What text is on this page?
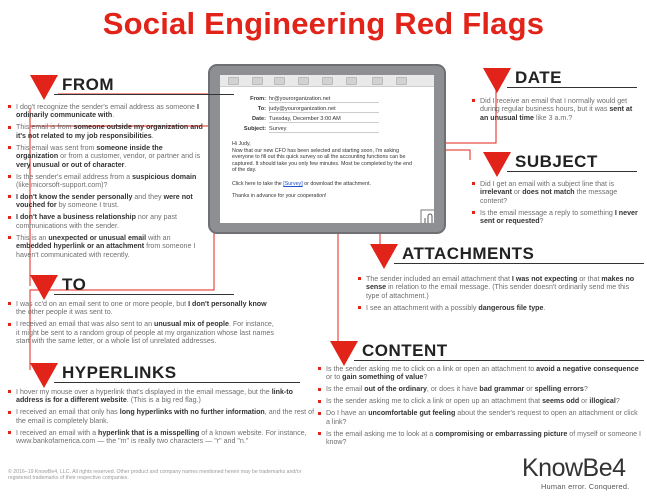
Social Engineering Red Flags
From: hr@yourorganization.net
To: judy@yourorganization.net
Date: Tuesday, December 3:00 AM
Subject: Survey
Hi Judy,
Now that our new CFO has been selected and starting soon, I'm asking everyone to fill out this quick survey so all the accounting functions can be captured. It should take you only few minutes. Most be completed by the end of the day.
Click here to take the [Survey] or download the attachment.
Thanks in advance for your cooperation!
FROM
I don't recognize the sender's email address as someone I ordinarily communicate with.
This email is from someone outside my organization and it's not related to my job responsibilities.
This email was sent from someone inside the organization or from a customer, vendor, or partner and is very unusual or out of character.
Is the sender's email address from a suspicious domain (like micorsoft-support.com)?
I don't know the sender personally and they were not vouched for by someone I trust.
I don't have a business relationship nor any past communications with the sender.
This is an unexpected or unusual email with an embedded hyperlink or an attachment from someone I haven't communicated with recently.
TO
I was cc'd on an email sent to one or more people, but I don't personally know the other people it was sent to.
I received an email that was also sent to an unusual mix of people. For instance, it might be sent to a random group of people at my organization whose last names start with the same letter, or a whole list of unrelated addresses.
HYPERLINKS
I hover my mouse over a hyperlink that's displayed in the email message, but the link-to address is for a different website. (This is a big red flag.)
I received an email that only has long hyperlinks with no further information, and the rest of the email is completely blank.
I received an email with a hyperlink that is a misspelling of a known website. For instance, www.bankofarnerica.com — the "m" is really two characters — "r" and "n."
DATE
Did I receive an email that I normally would get during regular business hours, but it was sent at an unusual time like 3 a.m.?
SUBJECT
Did I get an email with a subject line that is irrelevant or does not match the message content?
Is the email message a reply to something I never sent or requested?
ATTACHMENTS
The sender included an email attachment that I was not expecting or that makes no sense in relation to the email message. (This sender doesn't ordinarily send me this type of attachment.)
I see an attachment with a possibly dangerous file type.
CONTENT
Is the sender asking me to click on a link or open an attachment to avoid a negative consequence or to gain something of value?
Is the email out of the ordinary, or does it have bad grammar or spelling errors?
Is the sender asking me to click a link or open up an attachment that seems odd or illogical?
Do I have an uncomfortable gut feeling about the sender's request to open an attachment or click a link?
Is the email asking me to look at a compromising or embarrassing picture of myself or someone I know?
© 2016–19 KnowBe4, LLC. All rights reserved. Other product and company names mentioned herein may be trademarks and/or registered trademarks of their respective companies.	KnowBe4
Human error. Conquered.
